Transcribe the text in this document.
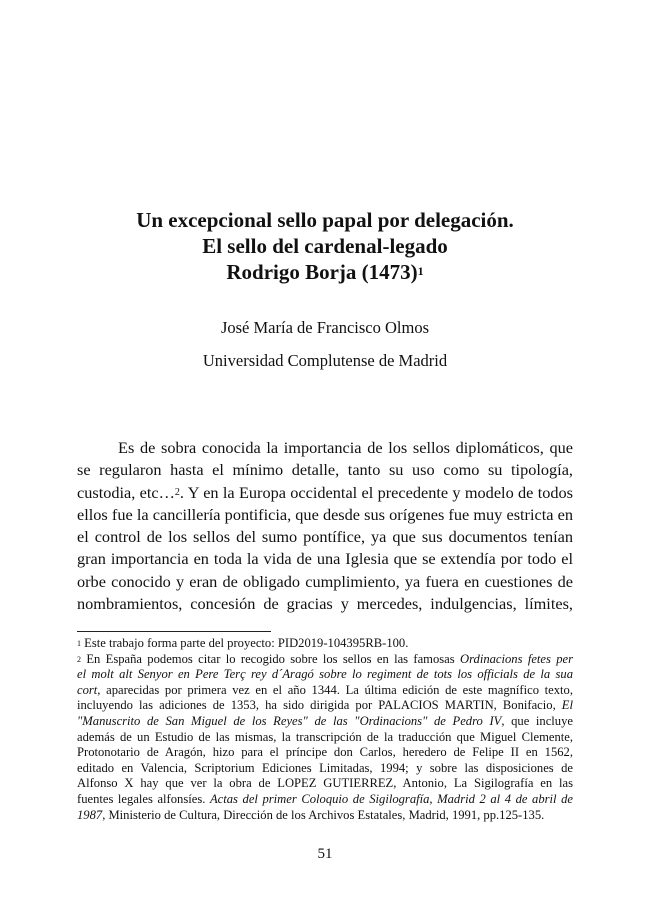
Un excepcional sello papal por delegación.
El sello del cardenal-legado
Rodrigo Borja $(1473)^1$
José María de Francisco Olmos
Universidad Complutense de Madrid
Es de sobra conocida la importancia de los sellos diplomáticos, que
se regularon hasta el mínimo detalle, tanto su uso como su tipología,
custodia, etc…$^2$. Y en la Europa occidental el precedente y modelo de todos
ellos fue la cancillería pontificia, que desde sus orígenes fue muy estricta en
el control de los sellos del sumo pontífice, ya que sus documentos tenían
gran importancia en toda la vida de una Iglesia que se extendía por todo el
orbe conocido y eran de obligado cumplimiento, ya fuera en cuestiones de
nombramientos, concesión de gracias y mercedes, indulgencias, límites,
$^1$ Este trabajo forma parte del proyecto: PID2019-104395RB-100.
$^2$ En España podemos citar lo recogido sobre los sellos en las famosas Ordinacions fetes per
el molt alt Senyor en Pere Terç rey d´Aragó sobre lo regiment de tots los officials de la sua
cort, aparecidas por primera vez en el año 1344. La última edición de este magnífico texto,
incluyendo las adiciones de 1353, ha sido dirigida por PALACIOS MARTIN, Bonifacio, El
"Manuscrito de San Miguel de los Reyes" de las "Ordinacions" de Pedro IV, que incluye
además de un Estudio de las mismas, la transcripción de la traducción que Miguel Clemente,
Protonotario de Aragón, hizo para el príncipe don Carlos, heredero de Felipe II en 1562,
editado en Valencia, Scriptorium Ediciones Limitadas, 1994; y sobre las disposiciones de
Alfonso X hay que ver la obra de LOPEZ GUTIERREZ, Antonio, La Sigilografía en las
fuentes legales alfonsíes. Actas del primer Coloquio de Sigilografía, Madrid 2 al 4 de abril de
1987, Ministerio de Cultura, Dirección de los Archivos Estatales, Madrid, 1991, pp.125-135.
51
